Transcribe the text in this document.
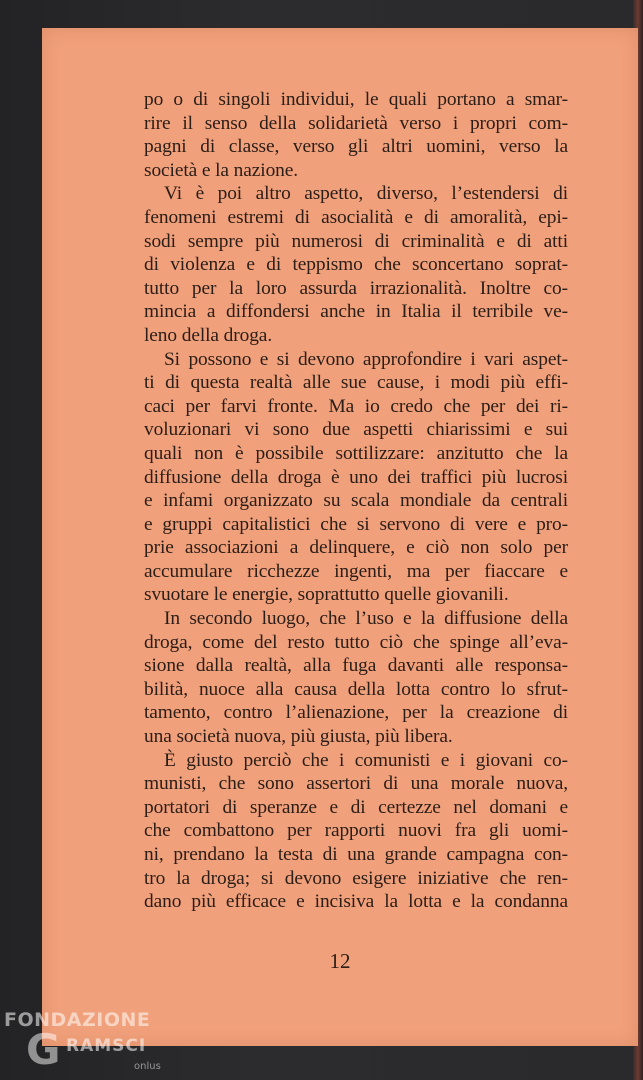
po o di singoli individui, le quali portano a smar-

rire il senso della solidarietà verso i propri com-

pagni di classe, verso gli altri uomini, verso la

società e la nazione.

Vi è poi altro aspetto, diverso, l’estendersi di

fenomeni estremi di asocialità e di amoralità, epi-

sodi sempre più numerosi di criminalità e di atti

di violenza e di teppismo che sconcertano soprat-

tutto per la loro assurda irrazionalità. Inoltre co-

mincia a diffondersi anche in Italia il terribile ve-

leno della droga.

Si possono e si devono approfondire i vari aspet-

ti di questa realtà alle sue cause, i modi più effi-

caci per farvi fronte. Ma io credo che per dei ri-

voluzionari vi sono due aspetti chiarissimi e sui

quali non è possibile sottilizzare: anzitutto che la

diffusione della droga è uno dei traffici più lucrosi

e infami organizzato su scala mondiale da centrali

e gruppi capitalistici che si servono di vere e pro-

prie associazioni a delinquere, e ciò non solo per

accumulare ricchezze ingenti, ma per fiaccare e

svuotare le energie, soprattutto quelle giovanili.

In secondo luogo, che l’uso e la diffusione della

droga, come del resto tutto ciò che spinge all’eva-

sione dalla realtà, alla fuga davanti alle responsa-

bilità, nuoce alla causa della lotta contro lo sfrut-

tamento, contro l’alienazione, per la creazione di

una società nuova, più giusta, più libera.

È giusto perciò che i comunisti e i giovani co-

munisti, che sono assertori di una morale nuova,

portatori di speranze e di certezze nel domani e

che combattono per rapporti nuovi fra gli uomi-

ni, prendano la testa di una grande campagna con-

tro la droga; si devono esigere iniziative che ren-

dano più efficace e incisiva la lotta e la condanna

12
FONDAZIONE
G RAMSCI
onlus
